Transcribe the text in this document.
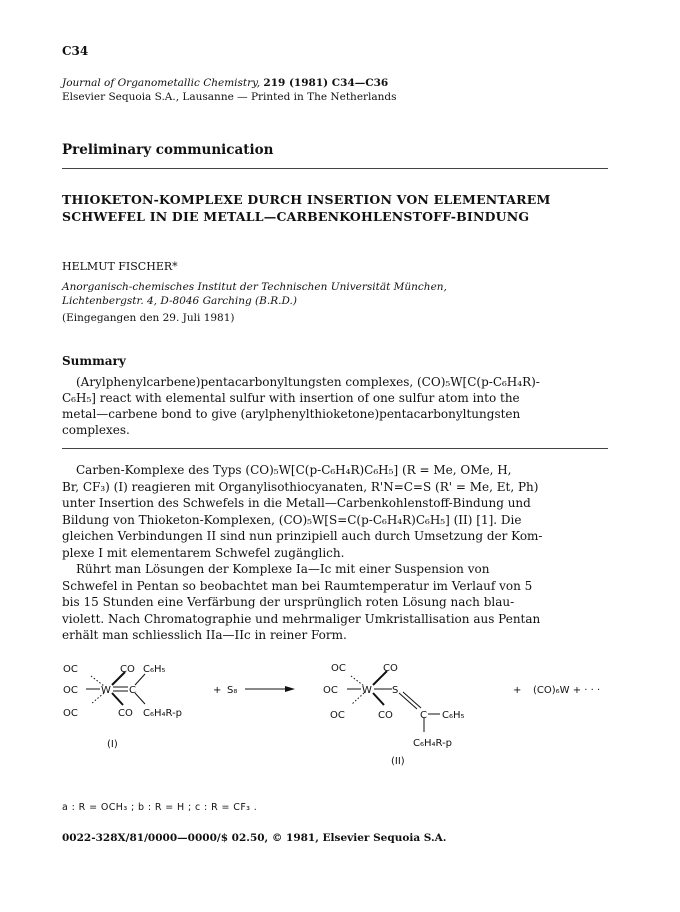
C34
Journal of Organometallic Chemistry, 219 (1981) C34—C36
Elsevier Sequoia S.A., Lausanne — Printed in The Netherlands
Preliminary communication
THIOKETON-KOMPLEXE DURCH INSERTION VON ELEMENTAREM
SCHWEFEL IN DIE METALL—CARBENKOHLENSTOFF-BINDUNG
HELMUT FISCHER*
Anorganisch-chemisches Institut der Technischen Universität München,
Lichtenbergstr. 4, D-8046 Garching (B.R.D.)
(Eingegangen den 29. Juli 1981)
Summary
(Arylphenylcarbene)pentacarbonyltungsten complexes, (CO)₅W[C(p-C₆H₄R)-
C₆H₅] react with elemental sulfur with insertion of one sulfur atom into the
metal—carbene bond to give (arylphenylthioketone)pentacarbonyltungsten
complexes.
Carben-Komplexe des Typs (CO)₅W[C(p-C₆H₄R)C₆H₅] (R = Me, OMe, H,
Br, CF₃) (I) reagieren mit Organylisothiocyanaten, R'N=C=S (R' = Me, Et, Ph)
unter Insertion des Schwefels in die Metall—Carbenkohlenstoff-Bindung und
Bildung von Thioketon-Komplexen, (CO)₅W[S=C(p-C₆H₄R)C₆H₅] (II) [1]. Die
gleichen Verbindungen II sind nun prinzipiell auch durch Umsetzung der Kom-
plexe I mit elementarem Schwefel zugänglich.
Rührt man Lösungen der Komplexe Ia—Ic mit einer Suspension von
Schwefel in Pentan so beobachtet man bei Raumtemperatur im Verlauf von 5
bis 15 Stunden eine Verfärbung der ursprünglich roten Lösung nach blau-
violett. Nach Chromatographie und mehrmaliger Umkristallisation aus Pentan
erhält man schliesslich IIa—IIc in reiner Form.
OC	CO C₆H₅
OC W C
OC	CO C₆H₄R-p
+ S₈
(I)
OC	CO
OC W S
OC	CO	C C₆H₅
C₆H₄R-p
(II)
+ (CO)₆W + · · ·
a : R = OCH₃ ; b : R = H ; c : R = CF₃ .
0022-328X/81/0000—0000/$ 02.50, © 1981, Elsevier Sequoia S.A.
